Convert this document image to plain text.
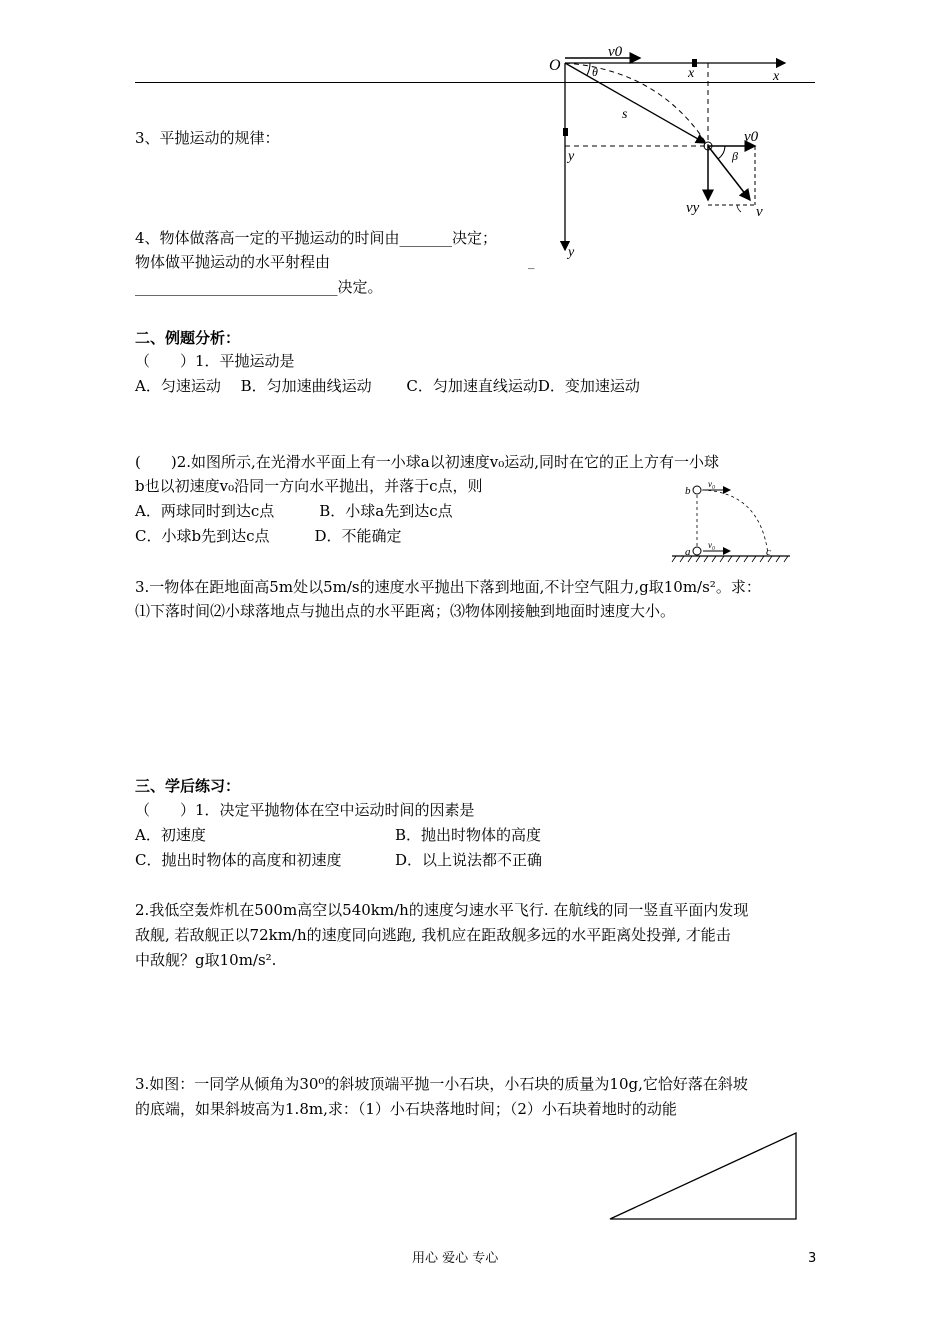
O
v0
θ	x	x
s
y
v0
β
vy	v
y
3、平抛运动的规律：
4、物体做落高一定的平抛运动的时间由_______决定；
物体做平抛运动的水平射程由	_
___________________________决定。
二、例题分析：
（　　）1．平抛运动是
A．匀速运动　 B．匀加速曲线运动　　 C．匀加速直线运动D．变加速运动
(　　)2.如图所示,在光滑水平面上有一小球a以初速度v₀运动,同时在它的正上方有一小球
b也以初速度v₀沿同一方向水平抛出，并落于c点，则
A．两球同时到达c点　　　B．小球a先到达c点
C．小球b先到达c点　　　D．不能确定
b
a	c
v₀
v₀
3.一物体在距地面高5m处以5m/s的速度水平抛出下落到地面,不计空气阻力,g取10m/s²。求：
⑴下落时间⑵小球落地点与抛出点的水平距离；⑶物体刚接触到地面时速度大小。
三、学后练习：
（　　）1．决定平抛物体在空中运动时间的因素是
A．初速度	B．抛出时物体的高度
C．抛出时物体的高度和初速度	D．以上说法都不正确
2.我低空轰炸机在500m高空以540km/h的速度匀速水平飞行. 在航线的同一竖直平面内发现
敌舰, 若敌舰正以72km/h的速度同向逃跑, 我机应在距敌舰多远的水平距离处投弹, 才能击
中敌舰？g取10m/s².
3.如图：一同学从倾角为30⁰的斜坡顶端平抛一小石块，小石块的质量为10g,它恰好落在斜坡
的底端，如果斜坡高为1.8m,求：（1）小石块落地时间；（2）小石块着地时的动能
用心 爱心 专心	3
